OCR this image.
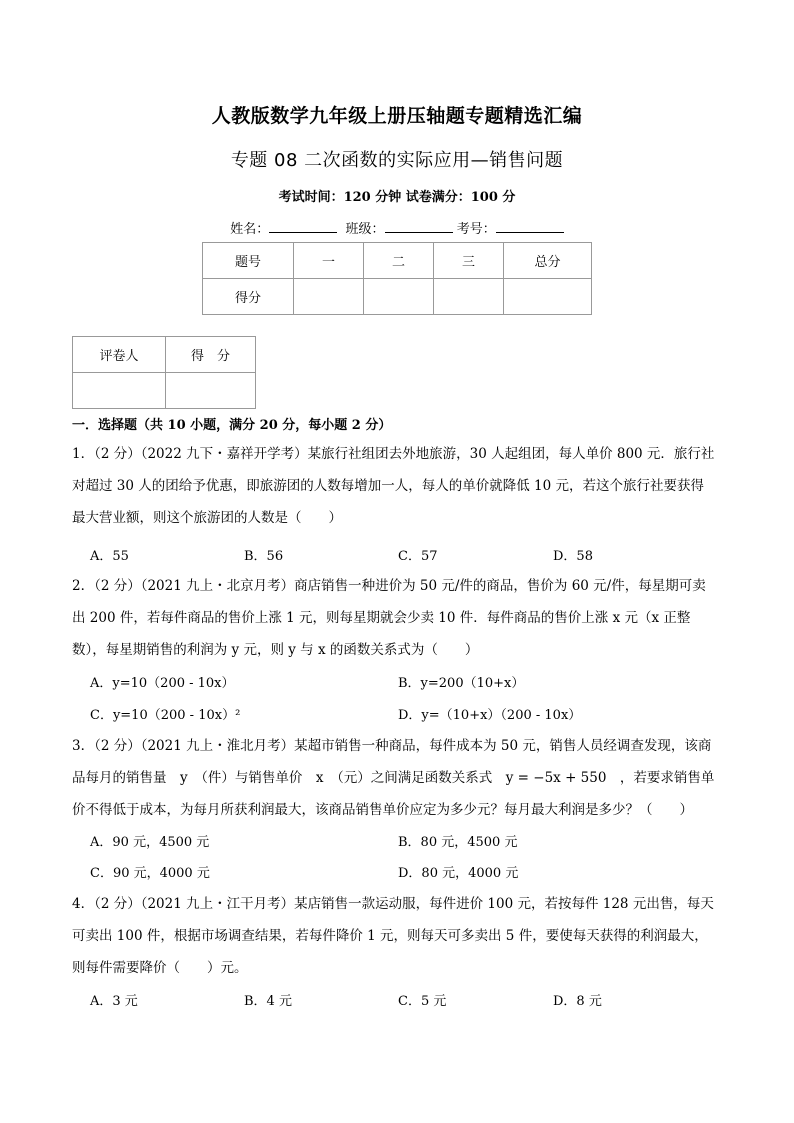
人教版数学九年级上册压轴题专题精选汇编
专题 08 二次函数的实际应用—销售问题
考试时间：120 分钟 试卷满分：100 分
姓名：	班级：	考号：
题号	一	二	三	总分
得分				
评卷人	得　分

一．选择题（共 10 小题，满分 20 分，每小题 2 分）
1．（2 分）（2022 九下・嘉祥开学考）某旅行社组团去外地旅游，30 人起组团，每人单价 800 元．旅行社
对超过 30 人的团给予优惠，即旅游团的人数每增加一人，每人的单价就降低 10 元，若这个旅行社要获得
最大营业额，则这个旅游团的人数是（　　）
A．55	B．56	C．57	D．58
2．（2 分）（2021 九上・北京月考）商店销售一种进价为 50 元/件的商品，售价为 60 元/件，每星期可卖
出 200 件，若每件商品的售价上涨 1 元，则每星期就会少卖 10 件．每件商品的售价上涨 x 元（x 正整
数），每星期销售的利润为 y 元，则 y 与 x 的函数关系式为（　　）
A．y=10（200 - 10x）	B．y=200（10+x）
C．y=10（200 - 10x）²	D．y=（10+x）（200 - 10x）
3．（2 分）（2021 九上・淮北月考）某超市销售一种商品，每件成本为 50 元，销售人员经调查发现，该商
品每月的销售量　y　（件）与销售单价　x　（元）之间满足函数关系式　y = −5x + 550　，若要求销售单
价不得低于成本，为每月所获利润最大，该商品销售单价应定为多少元？每月最大利润是多少？（　　）
A．90 元，4500 元	B．80 元，4500 元
C．90 元，4000 元	D．80 元，4000 元
4．（2 分）（2021 九上・江干月考）某店销售一款运动服，每件进价 100 元，若按每件 128 元出售，每天
可卖出 100 件，根据市场调查结果，若每件降价 1 元，则每天可多卖出 5 件，要使每天获得的利润最大，
则每件需要降价（　　）元。
A．3 元	B．4 元	C．5 元	D．8 元
